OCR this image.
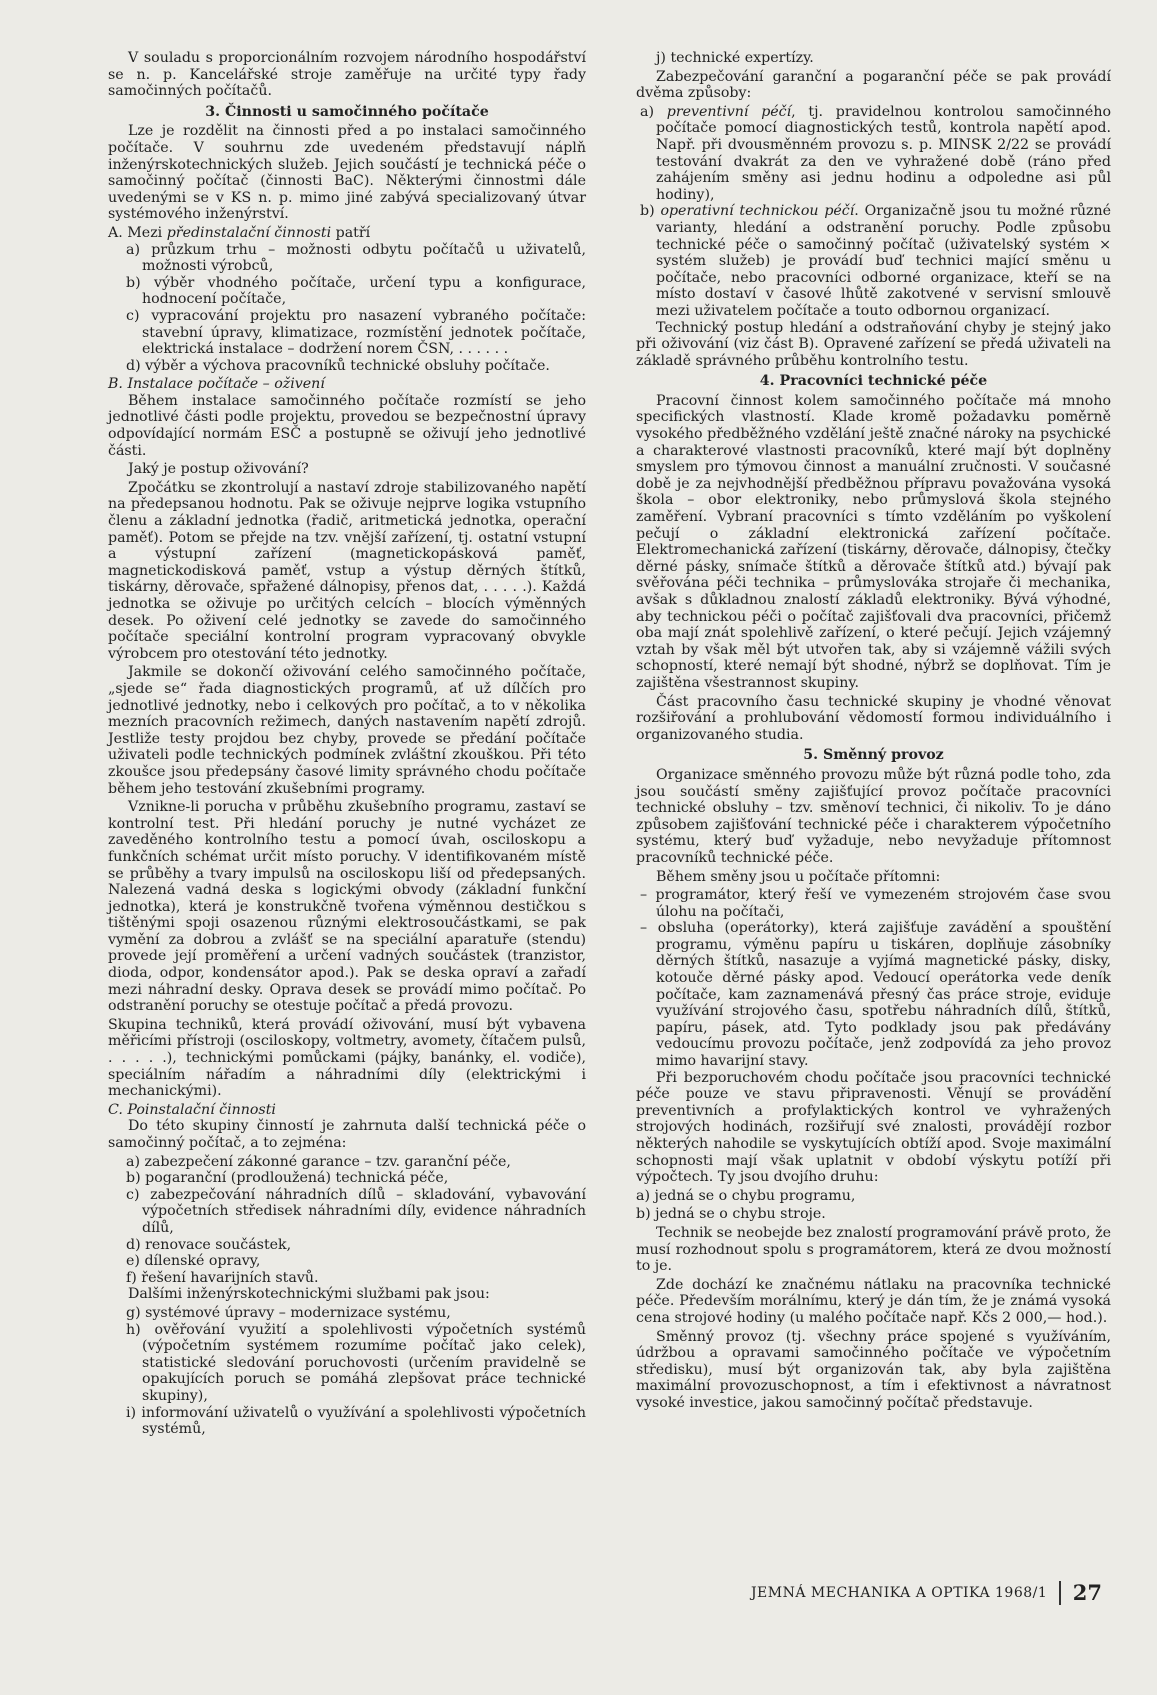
V souladu s proporcionálním rozvojem národního hospodářství se n. p. Kancelářské stroje zaměřuje na určité typy řady samočinných počítačů.

3. Činnosti u samočinného počítače

Lze je rozdělit na činnosti před a po instalaci samočinného počítače. V souhrnu zde uvedeném představují náplň inženýrskotechnických služeb. Jejich součástí je technická péče o samočinný počítač (činnosti BaC). Některými činnostmi dále uvedenými se v KS n. p. mimo jiné zabývá specializovaný útvar systémového inženýrství.

A. Mezi předinstalační činnosti patří

a) průzkum trhu – možnosti odbytu počítačů u uživatelů, možnosti výrobců,

b) výběr vhodného počítače, určení typu a konfigurace, hodnocení počítače,

c) vypracování projektu pro nasazení vybraného počítače: stavební úpravy, klimatizace, rozmístění jednotek počítače, elektrická instalace – dodržení norem ČSN, . . . . . .

d) výběr a výchova pracovníků technické obsluhy počítače.

B. Instalace počítače – oživení

Během instalace samočinného počítače rozmístí se jeho jednotlivé části podle projektu, provedou se bezpečnostní úpravy odpovídající normám ESČ a postupně se oživují jeho jednotlivé části.

Jaký je postup oživování?

Zpočátku se zkontrolují a nastaví zdroje stabilizovaného napětí na předepsanou hodnotu. Pak se oživuje nejprve logika vstupního členu a základní jednotka (řadič, aritmetická jednotka, operační paměť). Potom se přejde na tzv. vnější zařízení, tj. ostatní vstupní a výstupní zařízení (magnetickopásková paměť, magnetickodisková paměť, vstup a výstup děrných štítků, tiskárny, děrovače, spřažené dálnopisy, přenos dat, . . . . .). Každá jednotka se oživuje po určitých celcích – blocích výměnných desek. Po oživení celé jednotky se zavede do samočinného počítače speciální kontrolní program vypracovaný obvykle výrobcem pro otestování této jednotky.

Jakmile se dokončí oživování celého samočinného počítače, „sjede se“ řada diagnostických programů, ať už dílčích pro jednotlivé jednotky, nebo i celkových pro počítač, a to v několika mezních pracovních režimech, daných nastavením napětí zdrojů. Jestliže testy projdou bez chyby, provede se předání počítače uživateli podle technických podmínek zvláštní zkouškou. Při této zkoušce jsou předepsány časové limity správného chodu počítače během jeho testování zkušebními programy.

Vznikne-li porucha v průběhu zkušebního programu, zastaví se kontrolní test. Při hledání poruchy je nutné vycházet ze zaveděného kontrolního testu a pomocí úvah, osciloskopu a funkčních schémat určit místo poruchy. V identifikovaném místě se průběhy a tvary impulsů na osciloskopu liší od předepsaných. Nalezená vadná deska s logickými obvody (základní funkční jednotka), která je konstrukčně tvořena výměnnou destičkou s tištěnými spoji osazenou různými elektrosoučástkami, se pak vymění za dobrou a zvlášť se na speciální aparatuře (stendu) provede její proměření a určení vadných součástek (tranzistor, dioda, odpor, kondensátor apod.). Pak se deska opraví a zařadí mezi náhradní desky. Oprava desek se provádí mimo počítač. Po odstranění poruchy se otestuje počítač a předá provozu.

Skupina techniků, která provádí oživování, musí být vybavena měřicími přístroji (osciloskopy, voltmetry, avomety, čítačem pulsů, . . . . .), technickými pomůckami (pájky, banánky, el. vodiče), speciálním nářadím a náhradními díly (elektrickými i mechanickými).

C. Poinstalační činnosti

Do této skupiny činností je zahrnuta další technická péče o samočinný počítač, a to zejména:

a) zabezpečení zákonné garance – tzv. garanční péče,

b) pogaranční (prodloužená) technická péče,

c) zabezpečování náhradních dílů – skladování, vybavování výpočetních středisek náhradními díly, evidence náhradních dílů,

d) renovace součástek,

e) dílenské opravy,

f) řešení havarijních stavů.

Dalšími inženýrskotechnickými službami pak jsou:

g) systémové úpravy – modernizace systému,

h) ověřování využití a spolehlivosti výpočetních systémů (výpočetním systémem rozumíme počítač jako celek), statistické sledování poruchovosti (určením pravidelně se opakujících poruch se pomáhá zlepšovat práce technické skupiny),

i) informování uživatelů o využívání a spolehlivosti výpočetních systémů,

j) technické expertízy.

Zabezpečování garanční a pogaranční péče se pak provádí dvěma způsoby:

a) preventivní péčí, tj. pravidelnou kontrolou samočinného počítače pomocí diagnostických testů, kontrola napětí apod. Např. při dvousměnném provozu s. p. MINSK 2/22 se provádí testování dvakrát za den ve vyhražené době (ráno před zahájením směny asi jednu hodinu a odpoledne asi půl hodiny),

b) operativní technickou péčí. Organizačně jsou tu možné různé varianty, hledání a odstranění poruchy. Podle způsobu technické péče o samočinný počítač (uživatelský systém × systém služeb) je provádí buď technici mající směnu u počítače, nebo pracovníci odborné organizace, kteří se na místo dostaví v časové lhůtě zakotvené v servisní smlouvě mezi uživatelem počítače a touto odbornou organizací.

Technický postup hledání a odstraňování chyby je stejný jako při oživování (viz část B). Opravené zařízení se předá uživateli na základě správného průběhu kontrolního testu.

4. Pracovníci technické péče

Pracovní činnost kolem samočinného počítače má mnoho specifických vlastností. Klade kromě požadavku poměrně vysokého předběžného vzdělání ještě značné nároky na psychické a charakterové vlastnosti pracovníků, které mají být doplněny smyslem pro týmovou činnost a manuální zručnosti. V současné době je za nejvhodnější předběžnou přípravu považována vysoká škola – obor elektroniky, nebo průmyslová škola stejného zaměření. Vybraní pracovníci s tímto vzděláním po vyškolení pečují o základní elektronická zařízení počítače. Elektromechanická zařízení (tiskárny, děrovače, dálnopisy, čtečky děrné pásky, snímače štítků a děrovače štítků atd.) bývají pak svěřována péči technika – průmyslováka strojaře či mechanika, avšak s důkladnou znalostí základů elektroniky. Bývá výhodné, aby technickou péči o počítač zajišťovali dva pracovníci, přičemž oba mají znát spolehlivě zařízení, o které pečují. Jejich vzájemný vztah by však měl být utvořen tak, aby si vzájemně vážili svých schopností, které nemají být shodné, nýbrž se doplňovat. Tím je zajištěna všestrannost skupiny.

Část pracovního času technické skupiny je vhodné věnovat rozšiřování a prohlubování vědomostí formou individuálního i organizovaného studia.

5. Směnný provoz

Organizace směnného provozu může být různá podle toho, zda jsou součástí směny zajišťující provoz počítače pracovníci technické obsluhy – tzv. směnoví technici, či nikoliv. To je dáno způsobem zajišťování technické péče i charakterem výpočetního systému, který buď vyžaduje, nebo nevyžaduje přítomnost pracovníků technické péče.

Během směny jsou u počítače přítomni:

– programátor, který řeší ve vymezeném strojovém čase svou úlohu na počítači,

– obsluha (operátorky), která zajišťuje zavádění a spouštění programu, výměnu papíru u tiskáren, doplňuje zásobníky děrných štítků, nasazuje a vyjímá magnetické pásky, disky, kotouče děrné pásky apod. Vedoucí operátorka vede deník počítače, kam zaznamenává přesný čas práce stroje, eviduje využívání strojového času, spotřebu náhradních dílů, štítků, papíru, pásek, atd. Tyto podklady jsou pak předávány vedoucímu provozu počítače, jenž zodpovídá za jeho provoz mimo havarijní stavy.

Při bezporuchovém chodu počítače jsou pracovníci technické péče pouze ve stavu připravenosti. Věnují se provádění preventivních a profylaktických kontrol ve vyhražených strojových hodinách, rozšiřují své znalosti, provádějí rozbor některých nahodile se vyskytujících obtíží apod. Svoje maximální schopnosti mají však uplatnit v období výskytu potíží při výpočtech. Ty jsou dvojího druhu:

a) jedná se o chybu programu,

b) jedná se o chybu stroje.

Technik se neobejde bez znalostí programování právě proto, že musí rozhodnout spolu s programátorem, která ze dvou možností to je.

Zde dochází ke značnému nátlaku na pracovníka technické péče. Především morálnímu, který je dán tím, že je známá vysoká cena strojové hodiny (u malého počítače např. Kčs 2 000,— hod.).

Směnný provoz (tj. všechny práce spojené s využíváním, údržbou a opravami samočinného počítače ve výpočetním středisku), musí být organizován tak, aby byla zajištěna maximální provozuschopnost, a tím i efektivnost a návratnost vysoké investice, jakou samočinný počítač představuje.

JEMNÁ MECHANIKA A OPTIKA 1968/1 27
